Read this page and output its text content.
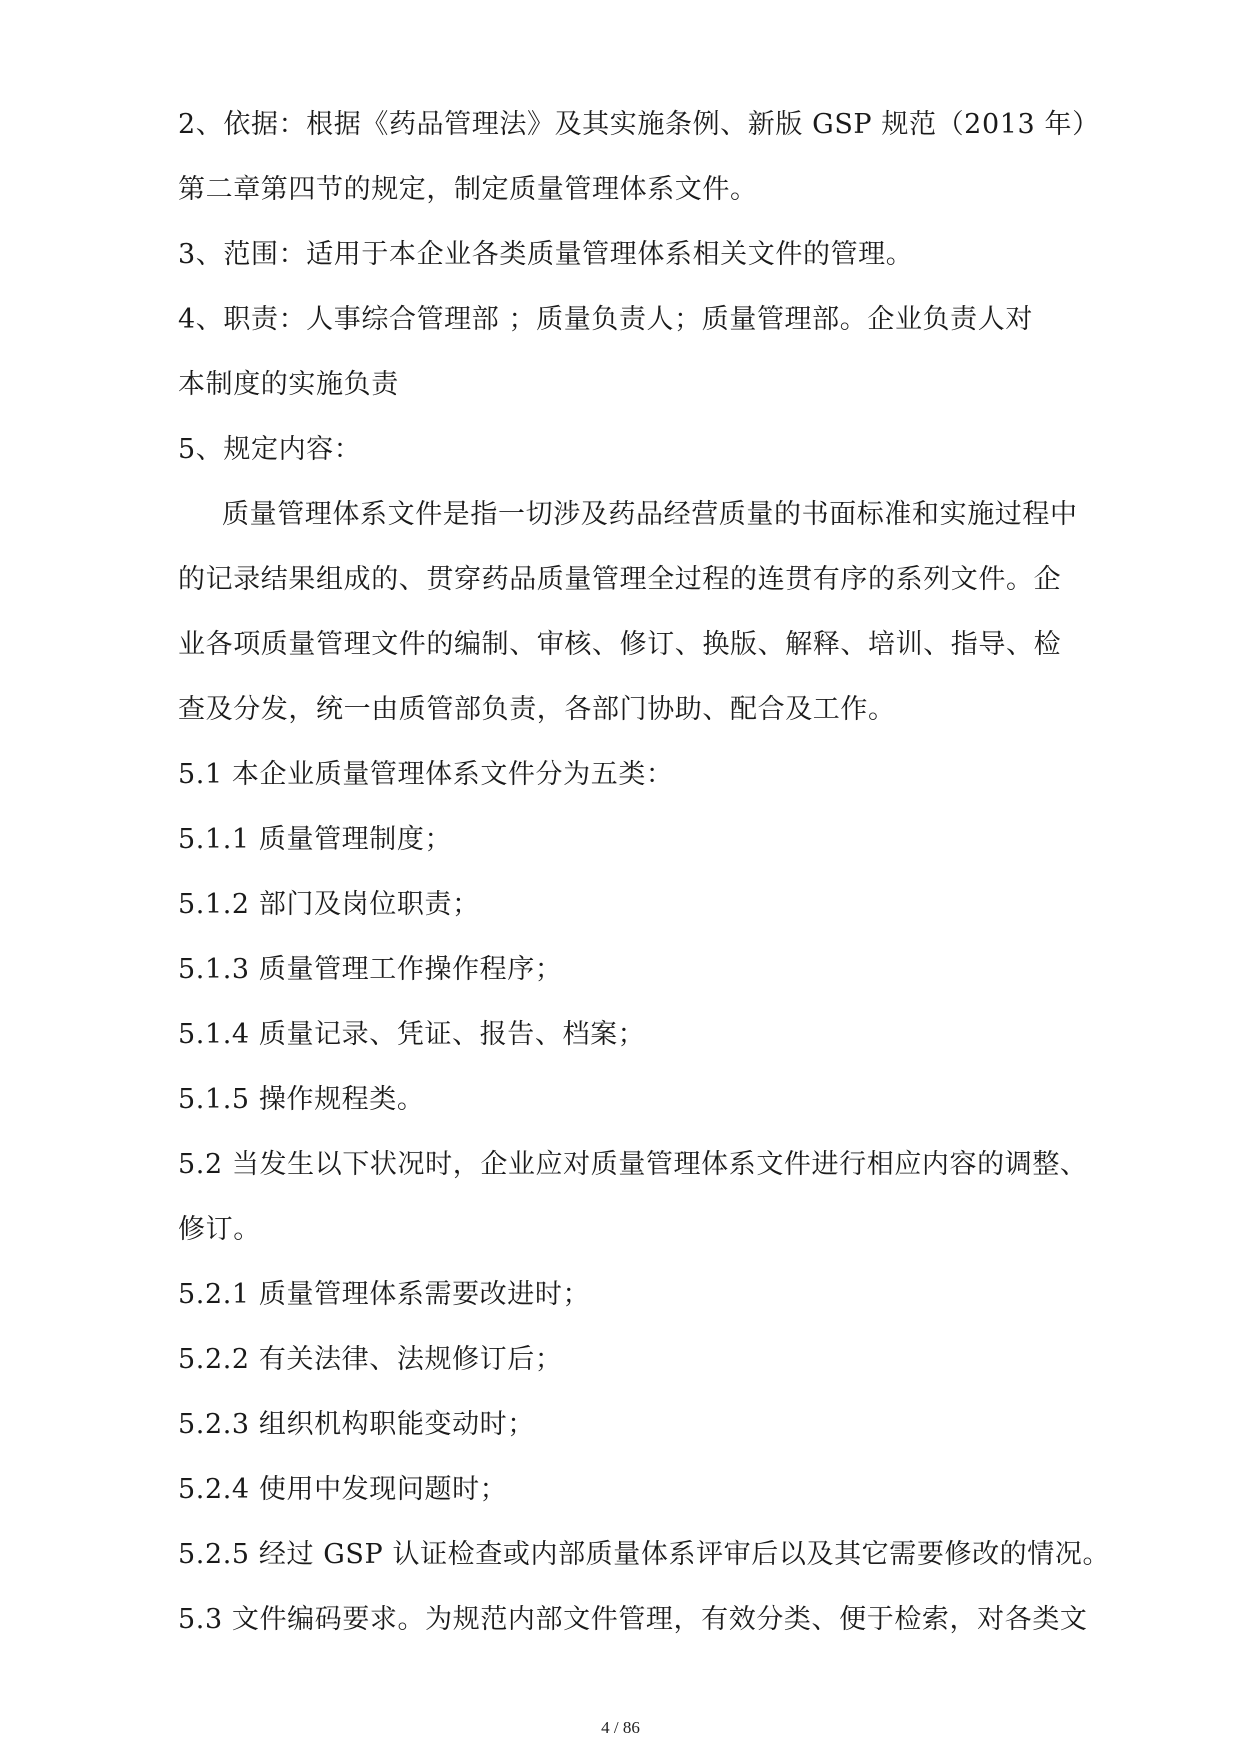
2、依据：根据《药品管理法》及其实施条例、新版 GSP 规范（2013 年）
第二章第四节的规定，制定质量管理体系文件。
3、范围：适用于本企业各类质量管理体系相关文件的管理。
4、职责：人事综合管理部 ；质量负责人；质量管理部。企业负责人对
本制度的实施负责
5、规定内容：
质量管理体系文件是指一切涉及药品经营质量的书面标准和实施过程中
的记录结果组成的、贯穿药品质量管理全过程的连贯有序的系列文件。企
业各项质量管理文件的编制、审核、修订、换版、解释、培训、指导、检
查及分发，统一由质管部负责，各部门协助、配合及工作。
5.1 本企业质量管理体系文件分为五类：
5.1.1 质量管理制度；
5.1.2 部门及岗位职责；
5.1.3 质量管理工作操作程序；
5.1.4 质量记录、凭证、报告、档案；
5.1.5 操作规程类。
5.2 当发生以下状况时，企业应对质量管理体系文件进行相应内容的调整、
修订。
5.2.1 质量管理体系需要改进时；
5.2.2 有关法律、法规修订后；
5.2.3 组织机构职能变动时；
5.2.4 使用中发现问题时；
5.2.5 经过 GSP 认证检查或内部质量体系评审后以及其它需要修改的情况。
5.3 文件编码要求。为规范内部文件管理，有效分类、便于检索，对各类文
4 / 86
